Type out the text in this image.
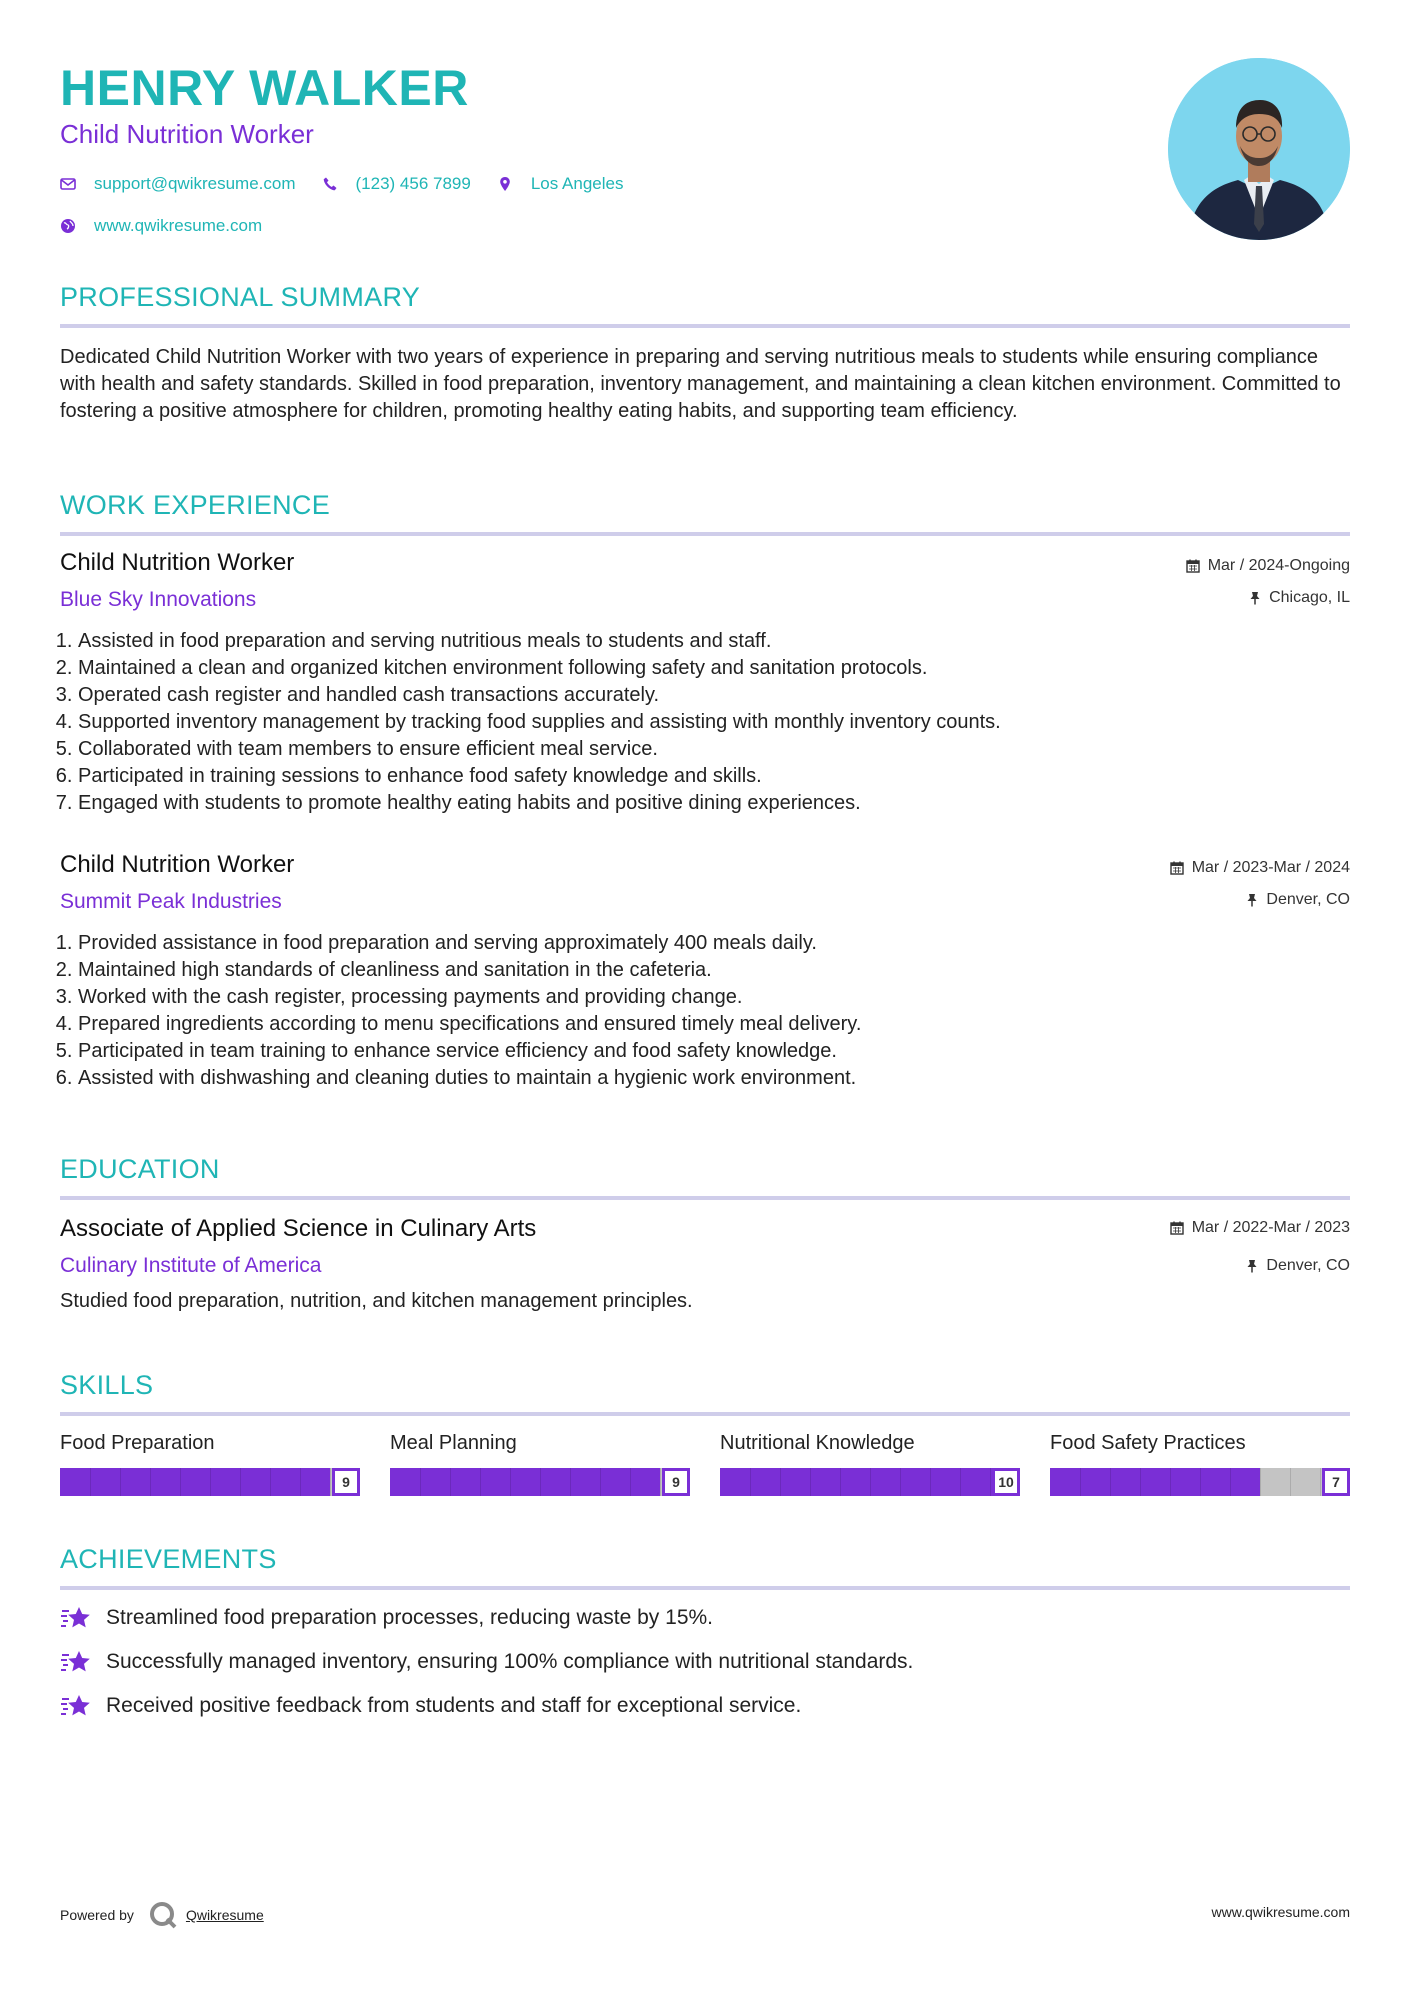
HENRY WALKER
Child Nutrition Worker
support@qwikresume.com	(123) 456 7899	Los Angeles
www.qwikresume.com
PROFESSIONAL SUMMARY
Dedicated Child Nutrition Worker with two years of experience in preparing and serving nutritious meals to students while ensuring compliance with health and safety standards. Skilled in food preparation, inventory management, and maintaining a clean kitchen environment. Committed to fostering a positive atmosphere for children, promoting healthy eating habits, and supporting team efficiency.
WORK EXPERIENCE
Child Nutrition Worker
Blue Sky Innovations
Mar / 2024-Ongoing
Chicago, IL
1. Assisted in food preparation and serving nutritious meals to students and staff.
2. Maintained a clean and organized kitchen environment following safety and sanitation protocols.
3. Operated cash register and handled cash transactions accurately.
4. Supported inventory management by tracking food supplies and assisting with monthly inventory counts.
5. Collaborated with team members to ensure efficient meal service.
6. Participated in training sessions to enhance food safety knowledge and skills.
7. Engaged with students to promote healthy eating habits and positive dining experiences.
Child Nutrition Worker
Summit Peak Industries
Mar / 2023-Mar / 2024
Denver, CO
1. Provided assistance in food preparation and serving approximately 400 meals daily.
2. Maintained high standards of cleanliness and sanitation in the cafeteria.
3. Worked with the cash register, processing payments and providing change.
4. Prepared ingredients according to menu specifications and ensured timely meal delivery.
5. Participated in team training to enhance service efficiency and food safety knowledge.
6. Assisted with dishwashing and cleaning duties to maintain a hygienic work environment.
EDUCATION
Associate of Applied Science in Culinary Arts
Culinary Institute of America
Mar / 2022-Mar / 2023
Denver, CO
Studied food preparation, nutrition, and kitchen management principles.
SKILLS
Food Preparation
9
Meal Planning
9
Nutritional Knowledge
10
Food Safety Practices
7
ACHIEVEMENTS
Streamlined food preparation processes, reducing waste by 15%.
Successfully managed inventory, ensuring 100% compliance with nutritional standards.
Received positive feedback from students and staff for exceptional service.
Powered by	Qwikresume	www.qwikresume.com
